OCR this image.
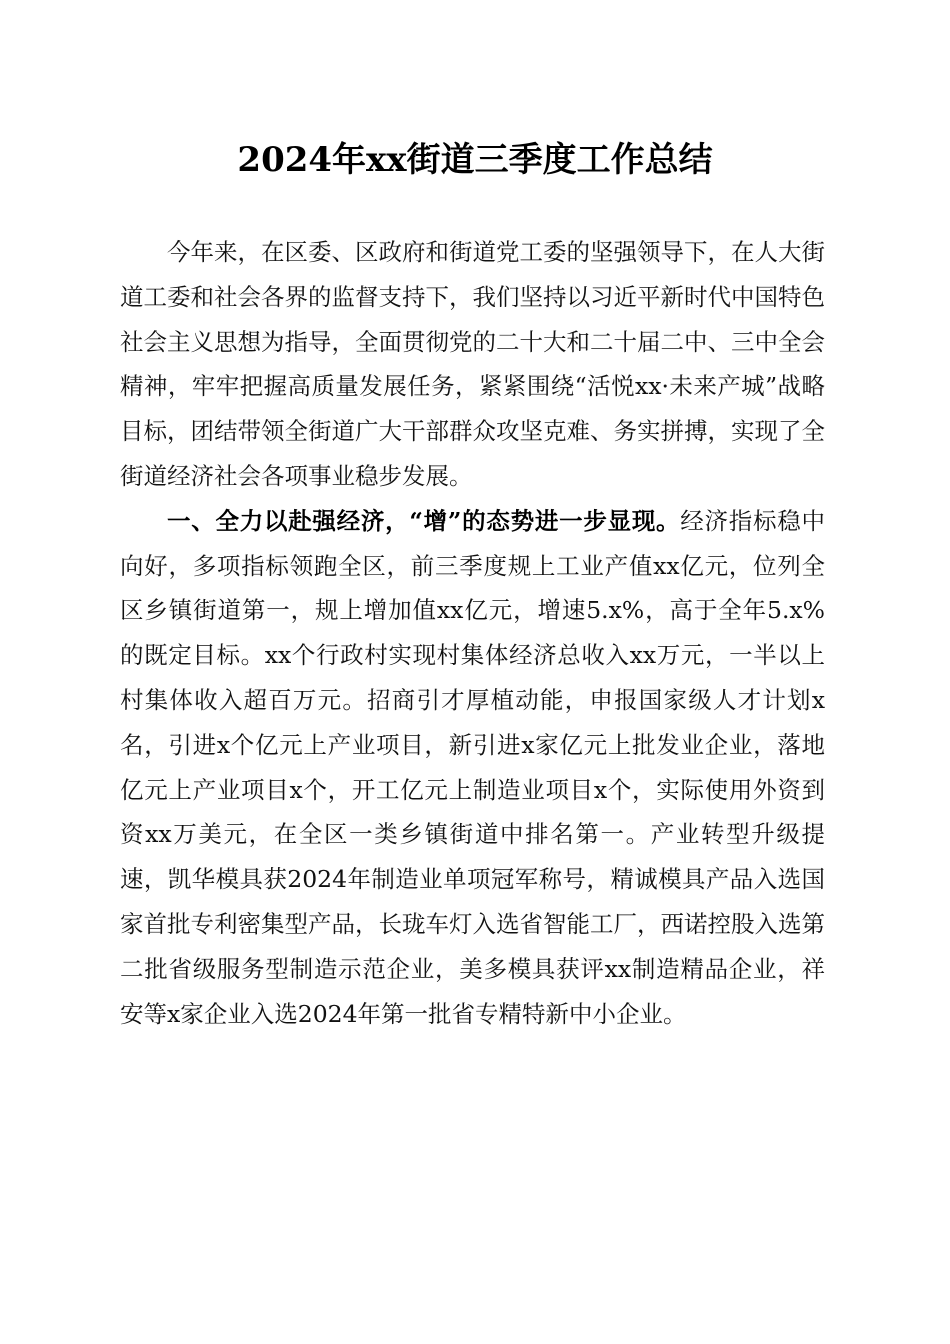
2024年xx街道三季度工作总结

今年来，在区委、区政府和街道党工委的坚强领导下，在人大街道工委和社会各界的监督支持下，我们坚持以习近平新时代中国特色社会主义思想为指导，全面贯彻党的二十大和二十届二中、三中全会精神，牢牢把握高质量发展任务，紧紧围绕“活悦xx·未来产城”战略目标，团结带领全街道广大干部群众攻坚克难、务实拼搏，实现了全街道经济社会各项事业稳步发展。

一、全力以赴强经济，“增”的态势进一步显现。经济指标稳中向好，多项指标领跑全区，前三季度规上工业产值xx亿元，位列全区乡镇街道第一，规上增加值xx亿元，增速5.x%，高于全年5.x%的既定目标。xx个行政村实现村集体经济总收入xx万元，一半以上村集体收入超百万元。招商引才厚植动能，申报国家级人才计划x名，引进x个亿元上产业项目，新引进x家亿元上批发业企业，落地亿元上产业项目x个，开工亿元上制造业项目x个，实际使用外资到资xx万美元，在全区一类乡镇街道中排名第一。产业转型升级提速，凯华模具获2024年制造业单项冠军称号，精诚模具产品入选国家首批专利密集型产品，长珑车灯入选省智能工厂，西诺控股入选第二批省级服务型制造示范企业，美多模具获评xx制造精品企业，祥安等x家企业入选2024年第一批省专精特新中小企业。
